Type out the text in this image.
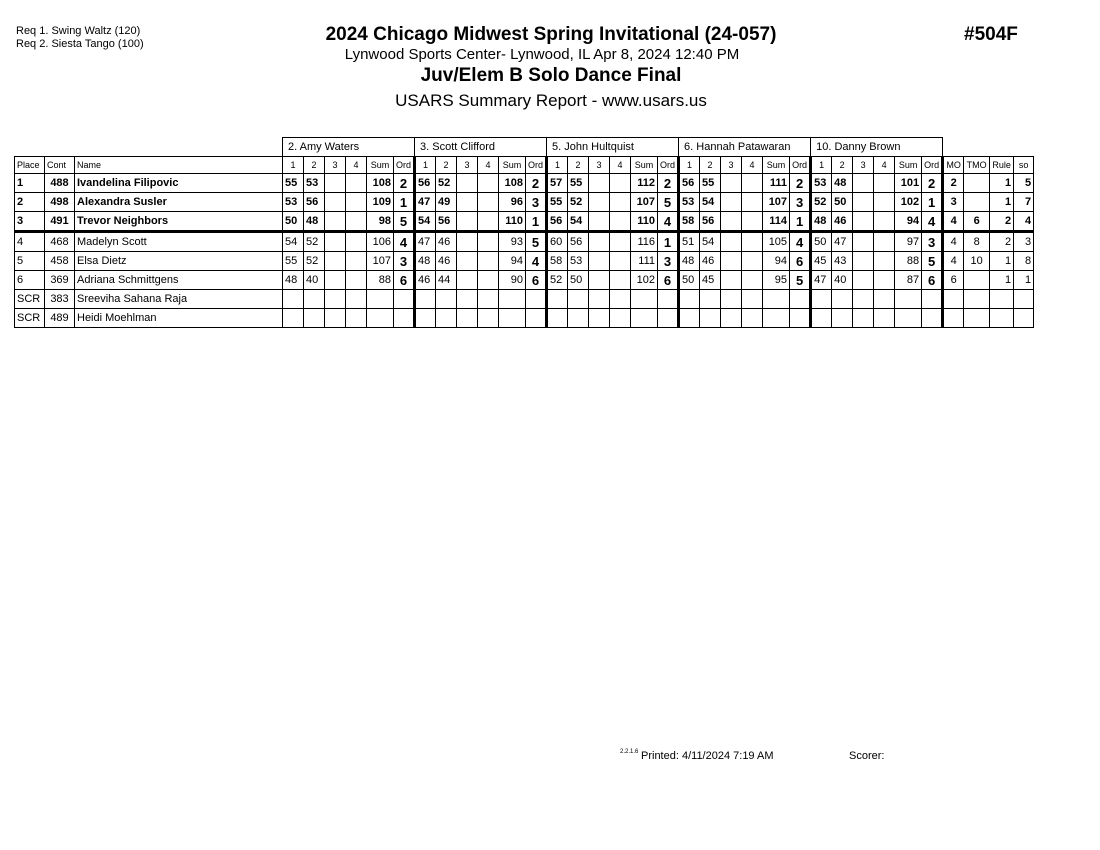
Req 1. Swing Waltz (120)
Req 2. Siesta Tango (100)	2024 Chicago Midwest Spring Invitational (24-057)
Lynwood Sports Center- Lynwood, IL Apr 8, 2024 12:40 PM
Juv/Elem B Solo Dance Final
USARS Summary Report - www.usars.us
#504F
			2. Amy Waters						3. Scott Clifford						5. John Hultquist						6. Hannah Patawaran						10. Danny Brown									
Place	Cont	Name	1	2	3	4	Sum	Ord	1	2	3	4	Sum	Ord	1	2	3	4	Sum	Ord	1	2	3	4	Sum	Ord	1	2	3	4	Sum	Ord	MO	TMO	Rule	so
1	488	Ivandelina Filipovic	55	53			108	2	56	52			108	2	57	55			112	2	56	55			111	2	53	48			101	2	2		1	5
2	498	Alexandra Susler	53	56			109	1	47	49			96	3	55	52			107	5	53	54			107	3	52	50			102	1	3		1	7
3	491	Trevor Neighbors	50	48			98	5	54	56			110	1	56	54			110	4	58	56			114	1	48	46			94	4	4	6	2	4
4	468	Madelyn Scott	54	52			106	4	47	46			93	5	60	56			116	1	51	54			105	4	50	47			97	3	4	8	2	3
5	458	Elsa Dietz	55	52			107	3	48	46			94	4	58	53			111	3	48	46			94	6	45	43			88	5	4	10	1	8
6	369	Adriana Schmittgens	48	40			88	6	46	44			90	6	52	50			102	6	50	45			95	5	47	40			87	6	6		1	1
SCR	383	Sreeviha Sahana Raja																																		
SCR	489	Heidi Moehlman																																		
2.2.1.6 Printed: 4/11/2024 7:19 AM	Scorer:
